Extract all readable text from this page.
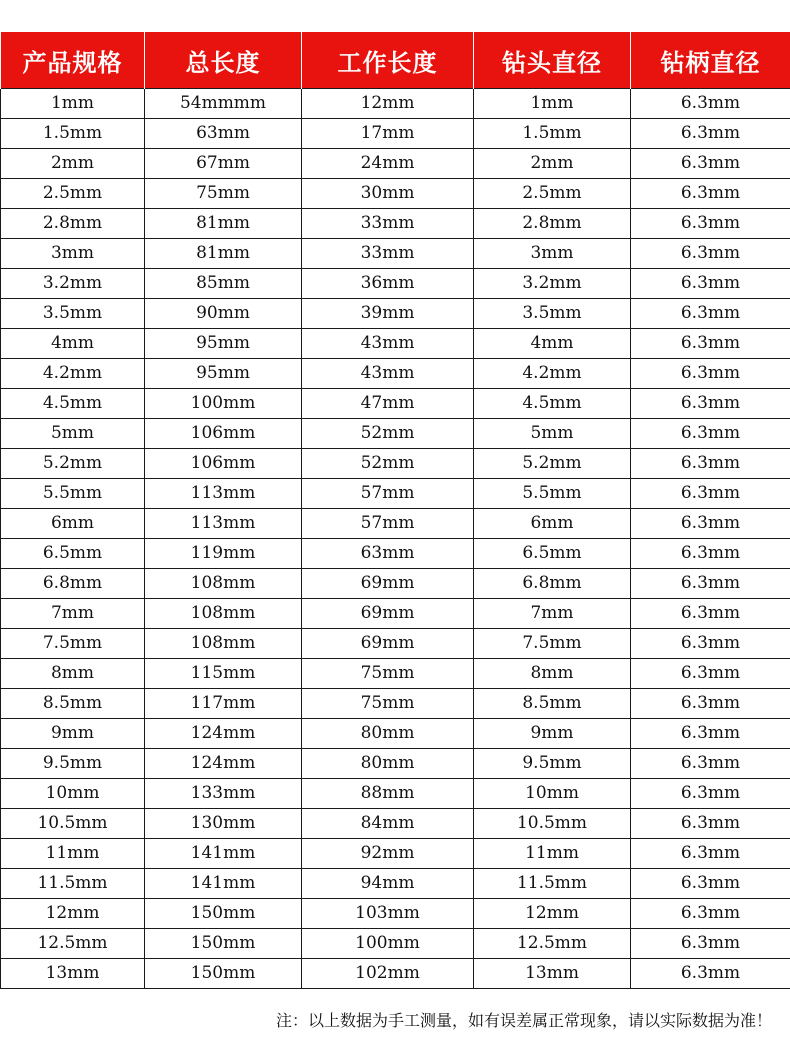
产品规格	总长度	工作长度	钻头直径	钻柄直径
1mm	54mmmm	12mm	1mm	6.3mm
1.5mm	63mm	17mm	1.5mm	6.3mm
2mm	67mm	24mm	2mm	6.3mm
2.5mm	75mm	30mm	2.5mm	6.3mm
2.8mm	81mm	33mm	2.8mm	6.3mm
3mm	81mm	33mm	3mm	6.3mm
3.2mm	85mm	36mm	3.2mm	6.3mm
3.5mm	90mm	39mm	3.5mm	6.3mm
4mm	95mm	43mm	4mm	6.3mm
4.2mm	95mm	43mm	4.2mm	6.3mm
4.5mm	100mm	47mm	4.5mm	6.3mm
5mm	106mm	52mm	5mm	6.3mm
5.2mm	106mm	52mm	5.2mm	6.3mm
5.5mm	113mm	57mm	5.5mm	6.3mm
6mm	113mm	57mm	6mm	6.3mm
6.5mm	119mm	63mm	6.5mm	6.3mm
6.8mm	108mm	69mm	6.8mm	6.3mm
7mm	108mm	69mm	7mm	6.3mm
7.5mm	108mm	69mm	7.5mm	6.3mm
8mm	115mm	75mm	8mm	6.3mm
8.5mm	117mm	75mm	8.5mm	6.3mm
9mm	124mm	80mm	9mm	6.3mm
9.5mm	124mm	80mm	9.5mm	6.3mm
10mm	133mm	88mm	10mm	6.3mm
10.5mm	130mm	84mm	10.5mm	6.3mm
11mm	141mm	92mm	11mm	6.3mm
11.5mm	141mm	94mm	11.5mm	6.3mm
12mm	150mm	103mm	12mm	6.3mm
12.5mm	150mm	100mm	12.5mm	6.3mm
13mm	150mm	102mm	13mm	6.3mm
注：以上数据为手工测量，如有误差属正常现象，请以实际数据为准！
